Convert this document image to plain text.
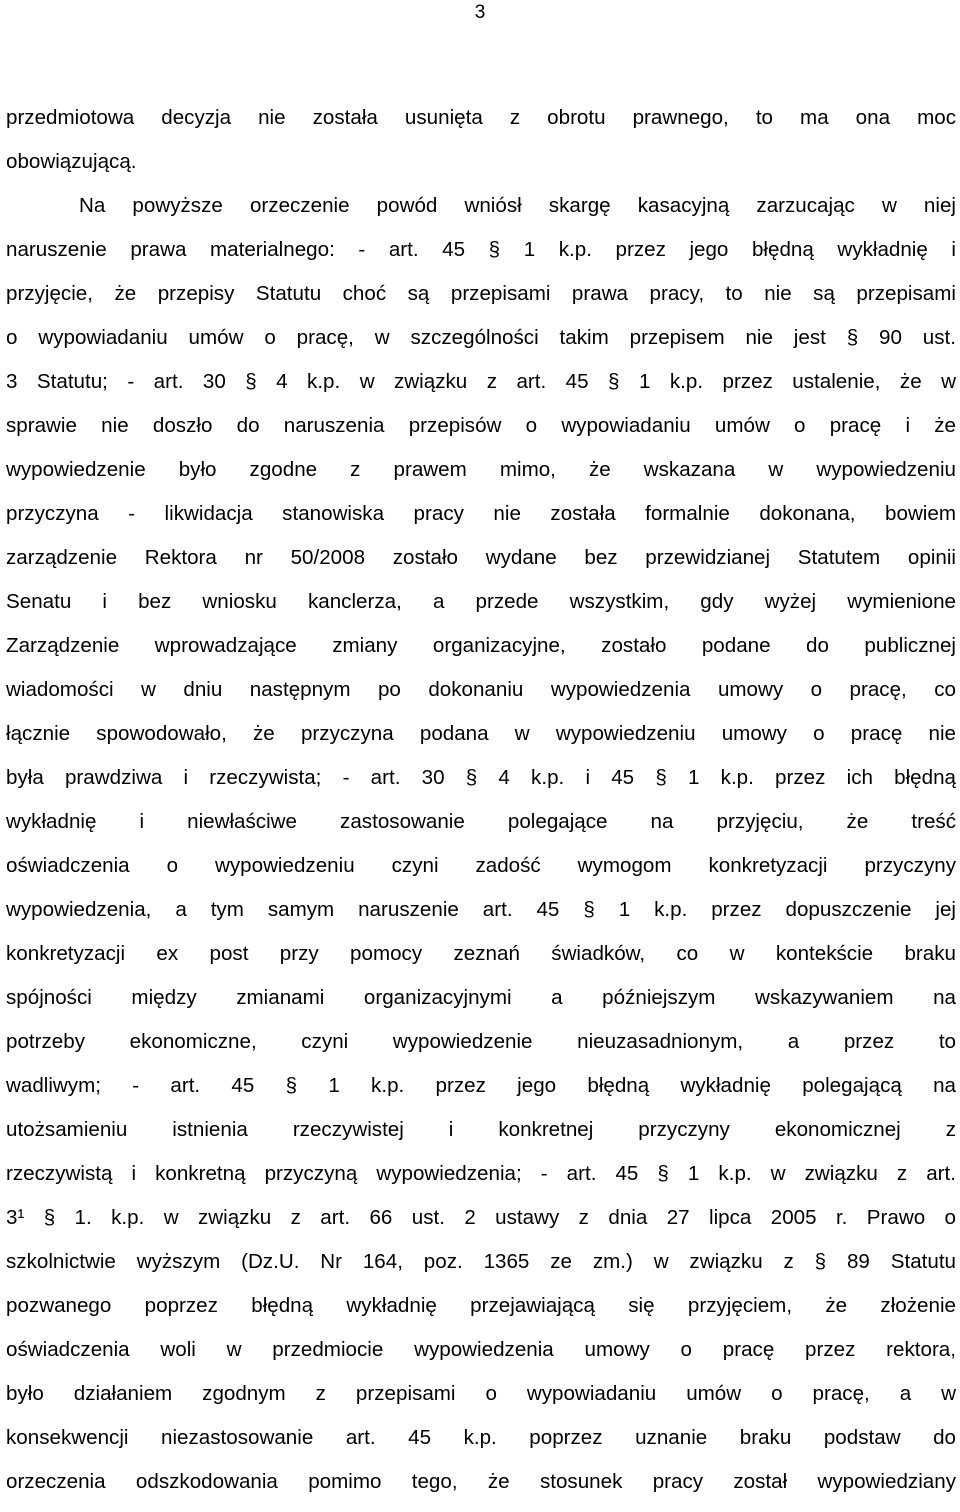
3
przedmiotowa decyzja nie została usunięta z obrotu prawnego, to ma ona moc
obowiązującą.
Na powyższe orzeczenie powód wniósł skargę kasacyjną zarzucając w niej
naruszenie prawa materialnego: - art. 45 § 1 k.p. przez jego błędną wykładnię i
przyjęcie, że przepisy Statutu choć są przepisami prawa pracy, to nie są przepisami
o wypowiadaniu umów o pracę, w szczególności takim przepisem nie jest § 90 ust.
3 Statutu; - art. 30 § 4 k.p. w związku z art. 45 § 1 k.p. przez ustalenie, że w
sprawie nie doszło do naruszenia przepisów o wypowiadaniu umów o pracę i że
wypowiedzenie było zgodne z prawem mimo, że wskazana w wypowiedzeniu
przyczyna - likwidacja stanowiska pracy nie została formalnie dokonana, bowiem
zarządzenie Rektora nr 50/2008 zostało wydane bez przewidzianej Statutem opinii
Senatu i bez wniosku kanclerza, a przede wszystkim, gdy wyżej wymienione
Zarządzenie wprowadzające zmiany organizacyjne, zostało podane do publicznej
wiadomości w dniu następnym po dokonaniu wypowiedzenia umowy o pracę, co
łącznie spowodowało, że przyczyna podana w wypowiedzeniu umowy o pracę nie
była prawdziwa i rzeczywista; - art. 30 § 4 k.p. i 45 § 1 k.p. przez ich błędną
wykładnię i niewłaściwe zastosowanie polegające na przyjęciu, że treść
oświadczenia o wypowiedzeniu czyni zadość wymogom konkretyzacji przyczyny
wypowiedzenia, a tym samym naruszenie art. 45 § 1 k.p. przez dopuszczenie jej
konkretyzacji ex post przy pomocy zeznań świadków, co w kontekście braku
spójności między zmianami organizacyjnymi a późniejszym wskazywaniem na
potrzeby ekonomiczne, czyni wypowiedzenie nieuzasadnionym, a przez to
wadliwym; - art. 45 § 1 k.p. przez jego błędną wykładnię polegającą na
utożsamieniu istnienia rzeczywistej i konkretnej przyczyny ekonomicznej z
rzeczywistą i konkretną przyczyną wypowiedzenia; - art. 45 § 1 k.p. w związku z art.
3¹ § 1. k.p. w związku z art. 66 ust. 2 ustawy z dnia 27 lipca 2005 r. Prawo o
szkolnictwie wyższym (Dz.U. Nr 164, poz. 1365 ze zm.) w związku z § 89 Statutu
pozwanego poprzez błędną wykładnię przejawiającą się przyjęciem, że złożenie
oświadczenia woli w przedmiocie wypowiedzenia umowy o pracę przez rektora,
było działaniem zgodnym z przepisami o wypowiadaniu umów o pracę, a w
konsekwencji niezastosowanie art. 45 k.p. poprzez uznanie braku podstaw do
orzeczenia odszkodowania pomimo tego, że stosunek pracy został wypowiedziany
